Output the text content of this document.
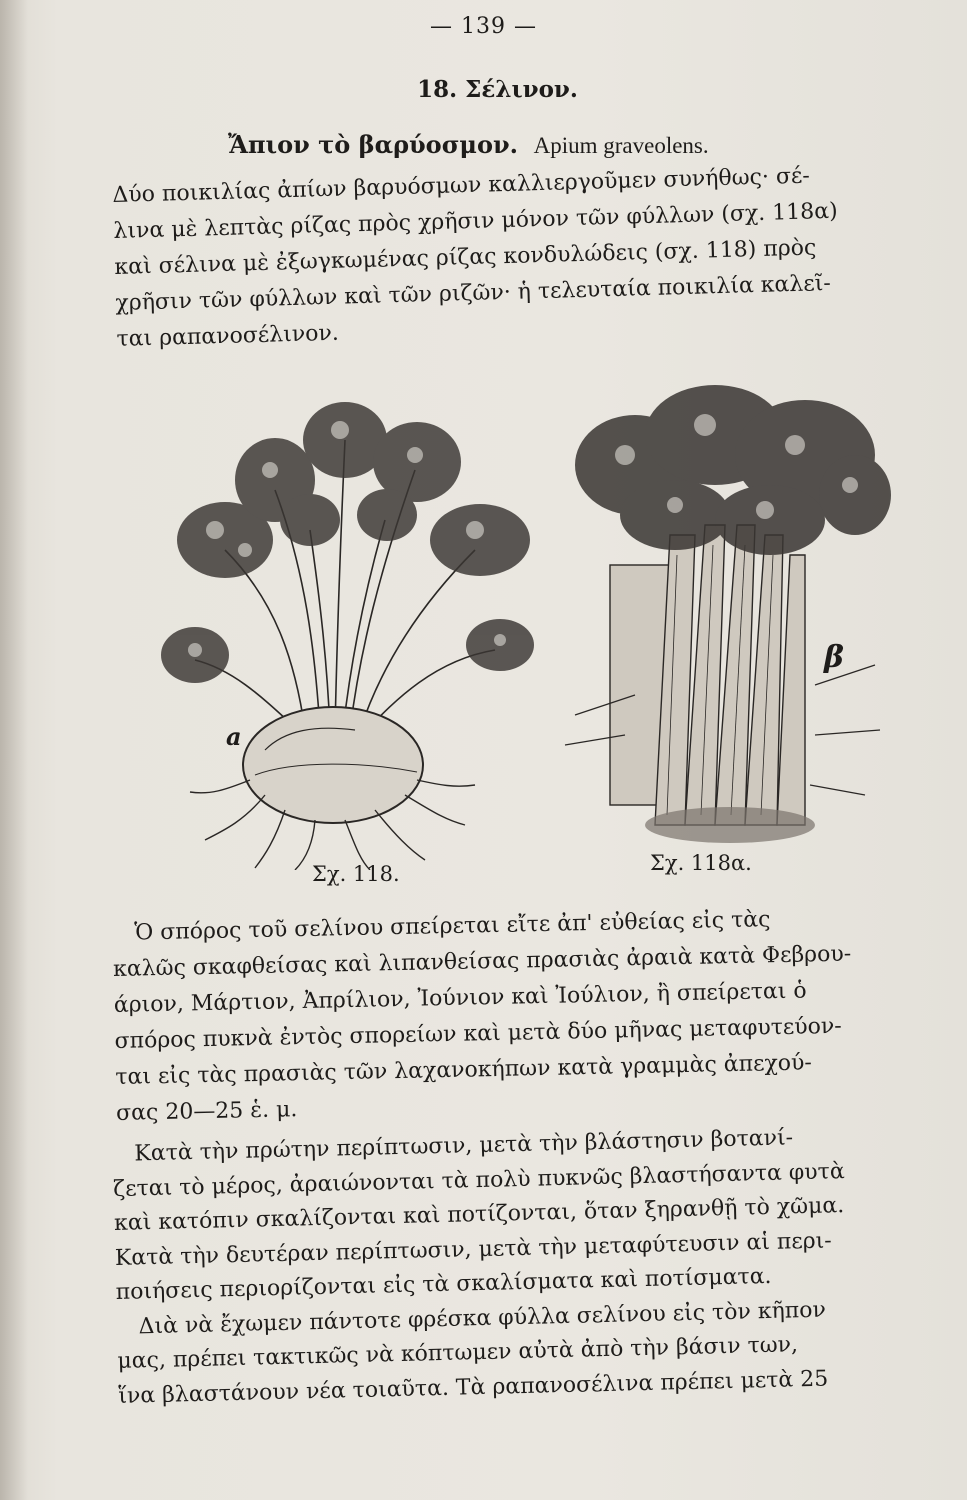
— 139 —
18. Σέλινον.
Ἄπιον τὸ βαρύοσμον. Apium graveolens.
Δύο ποικιλίας ἀπίων βαρυόσμων καλλιεργοῦμεν συνήθως· σέ-
λινα μὲ λεπτὰς ρίζας πρὸς χρῆσιν μόνον τῶν φύλλων (σχ. 118α)
καὶ σέλινα μὲ ἐξωγκωμένας ρίζας κονδυλώδεις (σχ. 118) πρὸς
χρῆσιν τῶν φύλλων καὶ τῶν ριζῶν· ἡ τελευταία ποικιλία καλεῖ-
ται ραπανοσέλινον.
a
Σχ. 118.
β
Σχ. 118α.
Ὁ σπόρος τοῦ σελίνου σπείρεται εἴτε ἀπ' εὐθείας εἰς τὰς
καλῶς σκαφθείσας καὶ λιπανθείσας πρασιὰς ἀραιὰ κατὰ Φεβρου-
άριον, Μάρτιον, Ἀπρίλιον, Ἰούνιον καὶ Ἰούλιον, ἢ σπείρεται ὁ
σπόρος πυκνὰ ἐντὸς σπορείων καὶ μετὰ δύο μῆνας μεταφυτεύον-
ται εἰς τὰς πρασιὰς τῶν λαχανοκήπων κατὰ γραμμὰς ἀπεχού-
σας 20—25 ἑ. μ.
Κατὰ τὴν πρώτην περίπτωσιν, μετὰ τὴν βλάστησιν βοτανί-
ζεται τὸ μέρος, ἀραιώνονται τὰ πολὺ πυκνῶς βλαστήσαντα φυτὰ
καὶ κατόπιν σκαλίζονται καὶ ποτίζονται, ὅταν ξηρανθῇ τὸ χῶμα.
Κατὰ τὴν δευτέραν περίπτωσιν, μετὰ τὴν μεταφύτευσιν αἱ περι-
ποιήσεις περιορίζονται εἰς τὰ σκαλίσματα καὶ ποτίσματα.
Διὰ νὰ ἔχωμεν πάντοτε φρέσκα φύλλα σελίνου εἰς τὸν κῆπον
μας, πρέπει τακτικῶς νὰ κόπτωμεν αὐτὰ ἀπὸ τὴν βάσιν των,
ἵνα βλαστάνουν νέα τοιαῦτα. Τὰ ραπανοσέλινα πρέπει μετὰ 25
